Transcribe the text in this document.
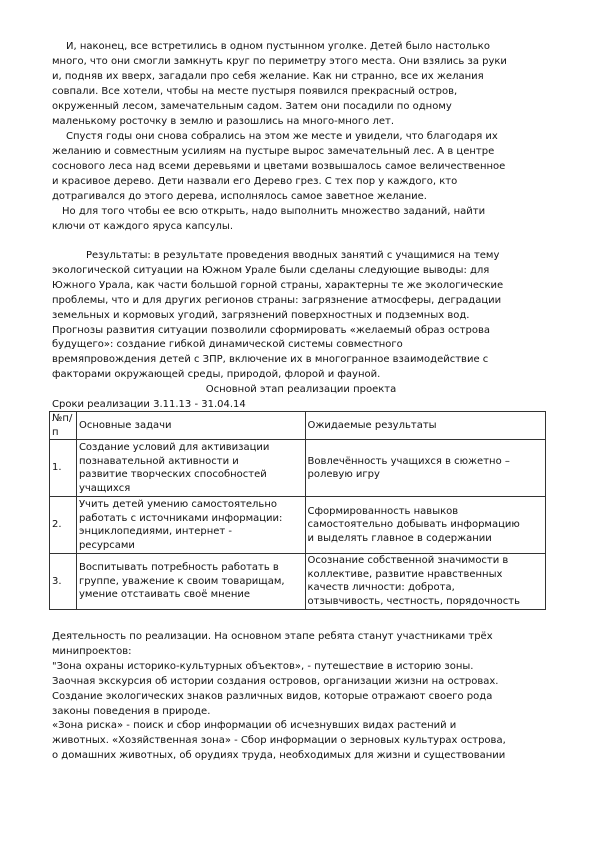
И, наконец, все встретились в одном пустынном уголке. Детей было настолько
много, что они смогли замкнуть круг по периметру этого места. Они взялись за руки
и, подняв их вверх, загадали про себя желание. Как ни странно, все их желания
совпали. Все хотели, чтобы на месте пустыря появился прекрасный остров,
окруженный лесом, замечательным садом. Затем они посадили по одному
маленькому росточку в землю и разошлись на много-много лет.
Спустя годы они снова собрались на этом же месте и увидели, что благодаря их
желанию и совместным усилиям на пустыре вырос замечательный лес. А в центре
соснового леса над всеми деревьями и цветами возвышалось самое величественное
и красивое дерево. Дети назвали его Дерево грез. С тех пор у каждого, кто
дотрагивался до этого дерева, исполнялось самое заветное желание.
Но для того чтобы ее всю открыть, надо выполнить множество заданий, найти
ключи от каждого яруса капсулы.
Результаты: в результате проведения вводных занятий с учащимися на тему
экологической ситуации на Южном Урале были сделаны следующие выводы: для
Южного Урала, как части большой горной страны, характерны те же экологические
проблемы, что и для других регионов страны: загрязнение атмосферы, деградации
земельных и кормовых угодий, загрязнений поверхностных и подземных вод.
Прогнозы развития ситуации позволили сформировать «желаемый образ острова
будущего»: создание гибкой динамической системы совместного
времяпровождения детей с ЗПР, включение их в многогранное взаимодействие с
факторами окружающей среды, природой, флорой и фауной.
Основной этап реализации проекта
Сроки реализации 3.11.13 - 31.04.14
№п/
п	Основные задачи	Ожидаемые результаты
1.	Создание условий для активизации
познавательной активности и
развитие творческих способностей
учащихся	Вовлечённость учащихся в сюжетно –
ролевую игру

2.	Учить детей умению самостоятельно
работать с источниками информации:
энциклопедиями, интернет -
ресурсами	Сформированность навыков
самостоятельно добывать информацию
и выделять главное в содержании

3.	Воспитывать потребность работать в
группе, уважение к своим товарищам,
умение отстаивать своё мнение	Осознание собственной значимости в
коллективе, развитие нравственных
качеств личности: доброта,
отзывчивость, честность, порядочность
Деятельность по реализации. На основном этапе ребята станут участниками трёх
минипроектов:
"Зона охраны историко-культурных объектов», - путешествие в историю зоны.
Заочная экскурсия об истории создания островов, организации жизни на островах.
Создание экологических знаков различных видов, которые отражают своего рода
законы поведения в природе.
«Зона риска» - поиск и сбор информации об исчезнувших видах растений и
животных. «Хозяйственная зона» - Сбор информации о зерновых культурах острова,
о домашних животных, об орудиях труда, необходимых для жизни и существовании
